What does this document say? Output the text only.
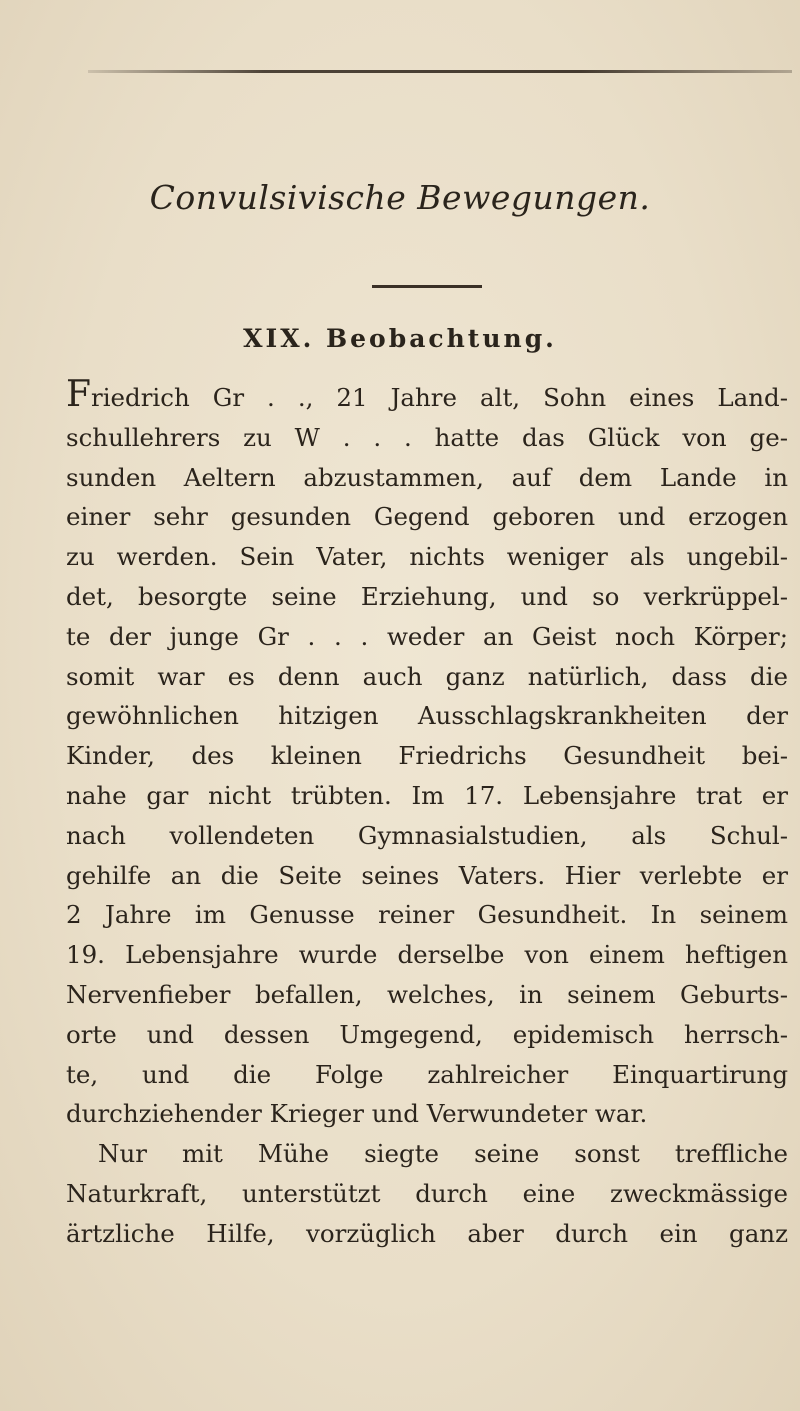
Convulsivische Bewegungen.
XIX. Beobachtung.
Friedrich Gr . ., 21 Jahre alt, Sohn eines Land-
schullehrers zu W . . . hatte das Glück von ge-
sunden Aeltern abzustammen, auf dem Lande in
einer sehr gesunden Gegend geboren und erzogen
zu werden. Sein Vater, nichts weniger als ungebil-
det, besorgte seine Erziehung, und so verkrüppel-
te der junge Gr . . . weder an Geist noch Körper;
somit war es denn auch ganz natürlich, dass die
gewöhnlichen hitzigen Ausschlagskrankheiten der
Kinder, des kleinen Friedrichs Gesundheit bei-
nahe gar nicht trübten. Im 17. Lebensjahre trat er
nach vollendeten Gymnasialstudien, als Schul-
gehilfe an die Seite seines Vaters. Hier verlebte er
2 Jahre im Genusse reiner Gesundheit. In seinem
19. Lebensjahre wurde derselbe von einem heftigen
Nervenfieber befallen, welches, in seinem Geburts-
orte und dessen Umgegend, epidemisch herrsch-
te, und die Folge zahlreicher Einquartirung
durchziehender Krieger und Verwundeter war.
Nur mit Mühe siegte seine sonst treffliche
Naturkraft, unterstützt durch eine zweckmässige
ärtzliche Hilfe, vorzüglich aber durch ein ganz
